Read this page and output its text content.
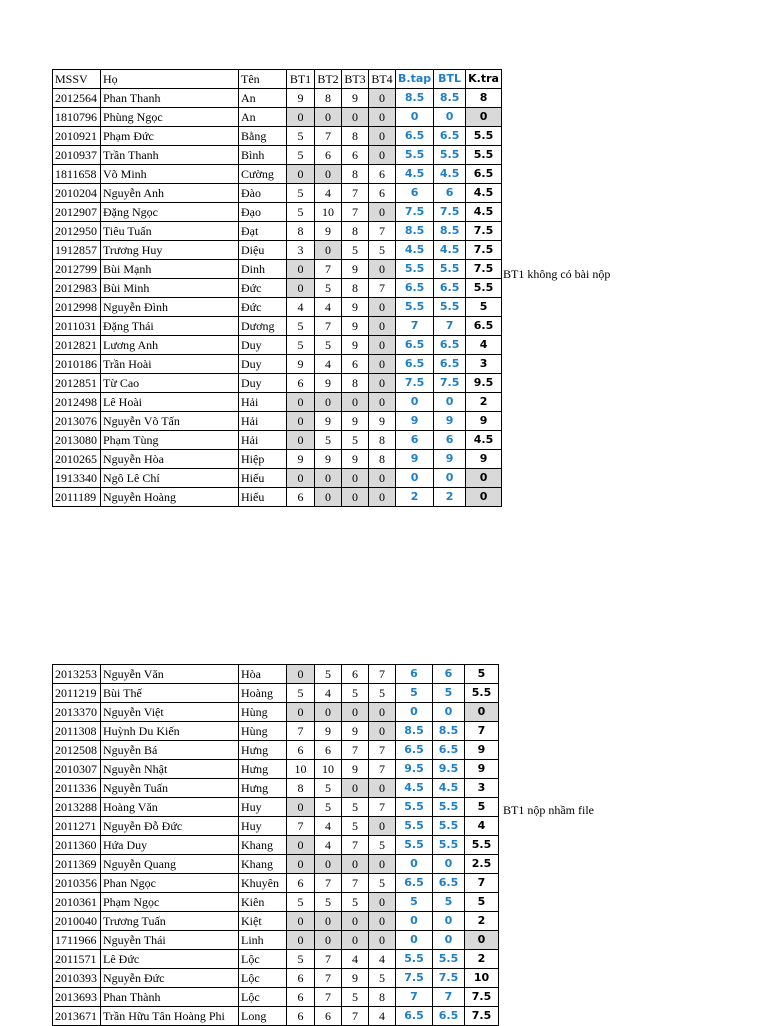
MSSV	Họ	Tên	BT1	BT2	BT3	BT4	B.tap	BTL	K.tra
2012564	Phan Thanh	An	9	8	9	0	8.5	8.5	8
1810796	Phùng Ngọc	An	0	0	0	0	0	0	0
2010921	Phạm Đức	Bằng	5	7	8	0	6.5	6.5	5.5
2010937	Trần Thanh	Bình	5	6	6	0	5.5	5.5	5.5
1811658	Võ Minh	Cường	0	0	8	6	4.5	4.5	6.5
2010204	Nguyễn Anh	Đào	5	4	7	6	6	6	4.5
2012907	Đặng Ngọc	Đạo	5	10	7	0	7.5	7.5	4.5
2012950	Tiêu Tuấn	Đạt	8	9	8	7	8.5	8.5	7.5
1912857	Trương Huy	Diệu	3	0	5	5	4.5	4.5	7.5
2012799	Bùi Mạnh	Dinh	0	7	9	0	5.5	5.5	7.5
2012983	Bùi Minh	Đức	0	5	8	7	6.5	6.5	5.5
2012998	Nguyễn Đình	Đức	4	4	9	0	5.5	5.5	5
2011031	Đặng Thái	Dương	5	7	9	0	7	7	6.5
2012821	Lương Anh	Duy	5	5	9	0	6.5	6.5	4
2010186	Trần Hoài	Duy	9	4	6	0	6.5	6.5	3
2012851	Từ Cao	Duy	6	9	8	0	7.5	7.5	9.5
2012498	Lê Hoài	Hải	0	0	0	0	0	0	2
2013076	Nguyễn Võ Tấn	Hải	0	9	9	9	9	9	9
2013080	Phạm Tùng	Hải	0	5	5	8	6	6	4.5
2010265	Nguyễn Hòa	Hiệp	9	9	9	8	9	9	9
1913340	Ngô Lê Chí	Hiếu	0	0	0	0	0	0	0
2011189	Nguyễn Hoàng	Hiếu	6	0	0	0	2	2	0
2013253	Nguyễn Văn	Hòa	0	5	6	7	6	6	5
2011219	Bùi Thế	Hoàng	5	4	5	5	5	5	5.5
2013370	Nguyễn Việt	Hùng	0	0	0	0	0	0	0
2011308	Huỳnh Du Kiến	Hùng	7	9	9	0	8.5	8.5	7
2012508	Nguyễn Bá	Hưng	6	6	7	7	6.5	6.5	9
2010307	Nguyễn Nhật	Hưng	10	10	9	7	9.5	9.5	9
2011336	Nguyễn Tuấn	Hưng	8	5	0	0	4.5	4.5	3
2013288	Hoàng Văn	Huy	0	5	5	7	5.5	5.5	5
2011271	Nguyễn Đỗ Đức	Huy	7	4	5	0	5.5	5.5	4
2011360	Hứa Duy	Khang	0	4	7	5	5.5	5.5	5.5
2011369	Nguyễn Quang	Khang	0	0	0	0	0	0	2.5
2010356	Phan Ngọc	Khuyên	6	7	7	5	6.5	6.5	7
2010361	Phạm Ngọc	Kiên	5	5	5	0	5	5	5
2010040	Trương Tuấn	Kiệt	0	0	0	0	0	0	2
1711966	Nguyễn Thái	Linh	0	0	0	0	0	0	0
2011571	Lê Đức	Lộc	5	7	4	4	5.5	5.5	2
2010393	Nguyễn Đức	Lộc	6	7	9	5	7.5	7.5	10
2013693	Phan Thành	Lộc	6	7	5	8	7	7	7.5
2013671	Trần Hữu Tân Hoàng Phi	Long	6	6	7	4	6.5	6.5	7.5
BT1 không có bài nộp
BT1 nộp nhầm file
